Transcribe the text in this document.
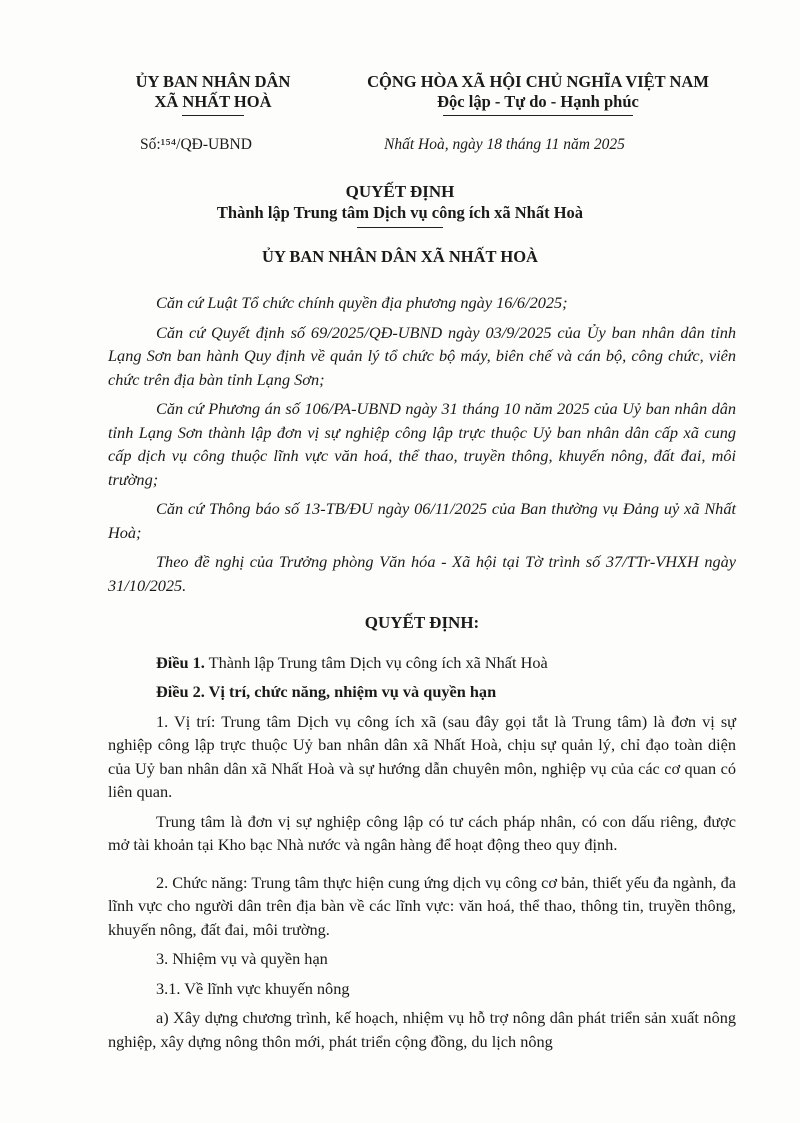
ỦY BAN NHÂN DÂN
XÃ NHẤT HOÀ
CỘNG HÒA XÃ HỘI CHỦ NGHĨA VIỆT NAM
Độc lập - Tự do - Hạnh phúc
Số:¹⁵⁴/QĐ-UBND	Nhất Hoà, ngày 18 tháng 11 năm 2025
QUYẾT ĐỊNH
Thành lập Trung tâm Dịch vụ công ích xã Nhất Hoà
ỦY BAN NHÂN DÂN XÃ NHẤT HOÀ

Căn cứ Luật Tổ chức chính quyền địa phương ngày 16/6/2025;

Căn cứ Quyết định số 69/2025/QĐ-UBND ngày 03/9/2025 của Ủy ban nhân dân tỉnh Lạng Sơn ban hành Quy định về quản lý tổ chức bộ máy, biên chế và cán bộ, công chức, viên chức trên địa bàn tỉnh Lạng Sơn;

Căn cứ Phương án số 106/PA-UBND ngày 31 tháng 10 năm 2025 của Uỷ ban nhân dân tỉnh Lạng Sơn thành lập đơn vị sự nghiệp công lập trực thuộc Uỷ ban nhân dân cấp xã cung cấp dịch vụ công thuộc lĩnh vực văn hoá, thể thao, truyền thông, khuyến nông, đất đai, môi trường;

Căn cứ Thông báo số 13-TB/ĐU ngày 06/11/2025 của Ban thường vụ Đảng uỷ xã Nhất Hoà;

Theo đề nghị của Trưởng phòng Văn hóa - Xã hội tại Tờ trình số 37/TTr-VHXH ngày 31/10/2025.

QUYẾT ĐỊNH:

Điều 1. Thành lập Trung tâm Dịch vụ công ích xã Nhất Hoà

Điều 2. Vị trí, chức năng, nhiệm vụ và quyền hạn

1. Vị trí: Trung tâm Dịch vụ công ích xã (sau đây gọi tắt là Trung tâm) là đơn vị sự nghiệp công lập trực thuộc Uỷ ban nhân dân xã Nhất Hoà, chịu sự quản lý, chỉ đạo toàn diện của Uỷ ban nhân dân xã Nhất Hoà và sự hướng dẫn chuyên môn, nghiệp vụ của các cơ quan có liên quan.

Trung tâm là đơn vị sự nghiệp công lập có tư cách pháp nhân, có con dấu riêng, được mở tài khoản tại Kho bạc Nhà nước và ngân hàng để hoạt động theo quy định.

2. Chức năng: Trung tâm thực hiện cung ứng dịch vụ công cơ bản, thiết yếu đa ngành, đa lĩnh vực cho người dân trên địa bàn về các lĩnh vực: văn hoá, thể thao, thông tin, truyền thông, khuyến nông, đất đai, môi trường.

3. Nhiệm vụ và quyền hạn

3.1. Về lĩnh vực khuyến nông

a) Xây dựng chương trình, kế hoạch, nhiệm vụ hỗ trợ nông dân phát triển sản xuất nông nghiệp, xây dựng nông thôn mới, phát triển cộng đồng, du lịch nông
